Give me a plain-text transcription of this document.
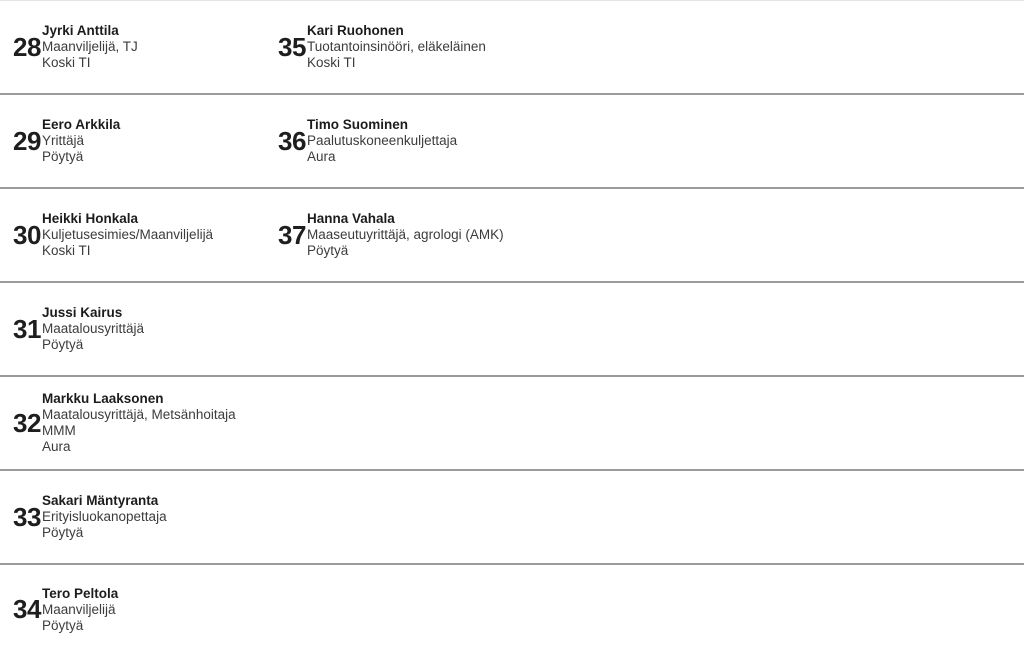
28
Jyrki Anttila
Maanviljelijä, TJ
Koski TI
35
Kari Ruohonen
Tuotantoinsinööri, eläkeläinen
Koski TI
29
Eero Arkkila
Yrittäjä
Pöytyä
36
Timo Suominen
Paalutuskoneenkuljettaja
Aura
30
Heikki Honkala
Kuljetusesimies/Maanviljelijä
Koski TI
37
Hanna Vahala
Maaseutuyrittäjä, agrologi (AMK)
Pöytyä
31
Jussi Kairus
Maatalousyrittäjä
Pöytyä
32
Markku Laaksonen
Maatalousyrittäjä, Metsänhoitaja
MMM
Aura
33
Sakari Mäntyranta
Erityisluokanopettaja
Pöytyä
34
Tero Peltola
Maanviljelijä
Pöytyä
